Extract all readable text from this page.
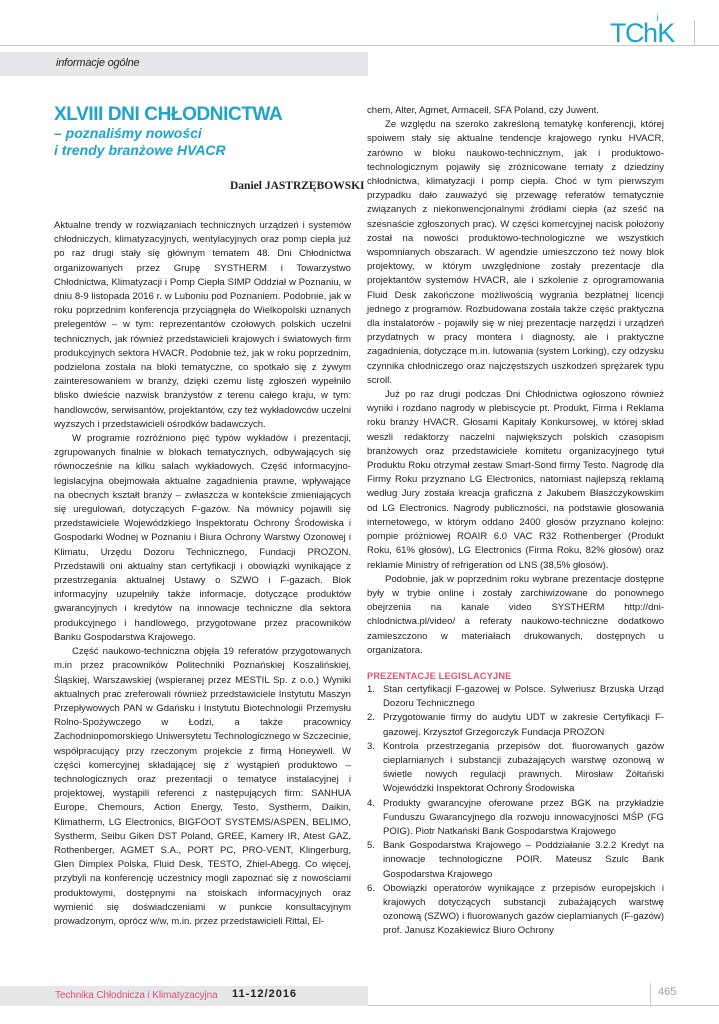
TCh$^i$K
informacje ogólne
XLVIII DNI CHŁODNICTWA
– poznaliśmy nowości
i trendy branżowe HVACR
Daniel JASTRZĘBOWSKI

Aktualne trendy w rozwiązaniach technicznych urządzeń i systemów chłodniczych, klimatyzacyjnych, wentylacyjnych oraz pomp ciepła już po raz drugi stały się głównym tematem 48. Dni Chłodnictwa organizowanych przez Grupę SYSTHERM i Towarzystwo Chłodnictwa, Klimatyzacji i Pomp Ciepła SIMP Oddział w Poznaniu, w dniu 8-9 listopada 2016 r. w Luboniu pod Poznaniem. Podobnie, jak w roku poprzednim konferencja przyciągnęła do Wielkopolski uznanych prelegentów – w tym: reprezentantów czołowych polskich uczelni technicznych, jak również przedstawicieli krajowych i światowych firm produkcyjnych sektora HVACR. Podobnie też, jak w roku poprzednim, podzielona została na bloki tematyczne, co spotkało się z żywym zainteresowaniem w branży, dzięki czemu listę zgłoszeń wypełniło blisko dwieście nazwisk branżystów z terenu całego kraju, w tym: handlowców, serwisantów, projektantów, czy też wykładowców uczelni wyższych i przedstawicieli ośrodków badawczych.

W programie rozróżniono pięć typów wykładów i prezentacji, zgrupowanych finalnie w blokach tematycznych, odbywających się równocześnie na kilku salach wykładowych. Część informacyjno-legislacyjna obejmowała aktualne zagadnienia prawne, wpływające na obecnych kształt branży – zwłaszcza w kontekście zmieniających się uregulowań, dotyczących F-gazów. Na mównicy pojawili się przedstawiciele Wojewódzkiego Inspektoratu Ochrony Środowiska i Gospodarki Wodnej w Poznaniu i Biura Ochrony Warstwy Ozonowej i Klimatu, Urzędu Dozoru Technicznego, Fundacji PROZON. Przedstawili oni aktualny stan certyfikacji i obowiązki wynikające z przestrzegania aktualnej Ustawy o SZWO i F-gazach. Blok informacyjny uzupełniły także informacje, dotyczące produktów gwarancyjnych i kredytów na innowacje techniczne dla sektora produkcyjnego i handlowego, przygotowane przez pracowników Banku Gospodarstwa Krajowego.

Część naukowo-techniczna objęła 19 referatów przygotowanych m.in przez pracowników Politechniki Poznańskiej Koszalińskiej, Śląskiej, Warszawskiej (wspieranej przez MESTIL Sp. z o.o.) Wyniki aktualnych prac zreferowali również przedstawiciele Instytutu Maszyn Przepływowych PAN w Gdańsku i Instytutu Biotechnologii Przemysłu Rolno-Spożywczego w Łodzi, a także pracownicy Zachodniopomorskiego Uniwersytetu Technologicznego w Szczecinie, współpracujący przy rzeczonym projekcie z firmą Honeywell. W części komercyjnej składającej się z wystąpień produktowo – technologicznych oraz prezentacji o tematyce instalacyjnej i projektowej, wystąpili referenci z następujących firm: SANHUA Europe, Chemours, Action Energy, Testo, Systherm, Daikin, Klimatherm, LG Electronics, BIGFOOT SYSTEMS/ASPEN, BELIMO, Systherm, Seibu Giken DST Poland, GREE, Kamery IR, Atest GAZ, Rothenberger, AGMET S.A., PORT PC, PRO-VENT, Klingerburg, Glen Dimplex Polska, Fluid Desk, TESTO, Zhiel-Abegg. Co więcej, przybyli na konferencję uczestnicy mogli zapoznać się z nowościami produktowymi, dostępnymi na stoiskach informacyjnych oraz wymienić się doświadczeniami w punkcie konsultacyjnym prowadzonym, oprócz w/w, m.in. przez przedstawicieli Rittal, El-

chem, Alter, Agmet, Armacell, SFA Poland, czy Juwent.

Ze względu na szeroko zakreśloną tematykę konferencji, której spoiwem stały się aktualne tendencje krajowego rynku HVACR, zarówno w bloku naukowo-technicznym, jak i produktowo-technologicznym pojawiły się zróżnicowane tematy z dziedziny chłodnictwa, klimatyzacji i pomp ciepła. Choć w tym pierwszym przypadku dało zauważyć się przewagę referatów tematycznie związanych z niekonwencjonalnymi źródłami ciepła (aż sześć na szesnaście zgłoszonych prac). W części komercyjnej nacisk położony został na nowości produktowo-technologiczne we wszystkich wspomnianych obszarach. W agendzie umieszczono też nowy blok projektowy, w którym uwzględnione zostały prezentacje dla projektantów systemów HVACR, ale i szkolenie z oprogramowania Fluid Desk zakończone możliwością wygrania bezpłatnej licencji jednego z programów. Rozbudowana została także część praktyczna dla instalatorów - pojawiły się w niej prezentacje narzędzi i urządzeń przydatnych w pracy montera i diagnosty, ale i praktyczne zagadnienia, dotyczące m.in. lutowania (system Lorking), czy odzysku czynnika chłodniczego oraz najczęstszych uszkodzeń sprężarek typu scroll.

Już po raz drugi podczas Dni Chłodnictwa ogłoszono również wyniki i rozdano nagrody w plebiscycie pt. Produkt, Firma i Reklama roku branży HVACR. Głosami Kapitały Konkursowej, w której skład weszli redaktorzy naczelni największych polskich czasopism branżowych oraz przedstawiciele komitetu organizacyjnego tytuł Produktu Roku otrzymał zestaw Smart-Sond firmy Testo. Nagrodę dla Firmy Roku przyznano LG Electronics, natomiast najlepszą reklamą według Jury została kreacja graficzna z Jakubem Błaszczykowskim od LG Electronics. Nagrody publiczności, na podstawie głosowania internetowego, w którym oddano 2400 głosów przyznano kolejno: pompie próżniowej ROAIR 6.0 VAC R32 Rothenberger (Produkt Roku, 61% głosów), LG Electronics (Firma Roku, 82% głosów) oraz reklamie Ministry of refrigeration od LNS (38,5% głosów).

Podobnie, jak w poprzednim roku wybrane prezentacje dostępne były w trybie online i zostały zarchiwizowane do ponownego obejrzenia na kanale video SYSTHERM http://dni-chlodnictwa.pl/video/ a referaty naukowo-techniczne dodatkowo zamieszczono w materiałach drukowanych, dostępnych u organizatora.

PREZENTACJE LEGISLACYJNE
1. Stan certyfikacji F-gazowej w Polsce. Sylweriusz Brzuska Urząd Dozoru Technicznego
2. Przygotowanie firmy do audytu UDT w zakresie Certyfikacji F-gazowej. Krzysztof Grzegorczyk Fundacja PROZON
3. Kontrola przestrzegania przepisów dot. fluorowanych gazów cieplarnianych i substancji zubażających warstwę ozonową w świetle nowych regulacji prawnych. Mirosław Żółtański Wojewódzki Inspektorat Ochrony Środowiska
4. Produkty gwarancyjne oferowane przez BGK na przykładzie Funduszu Gwarancyjnego dla rozwoju innowacyjności MŚP (FG POIG). Piotr Natkański Bank Gospodarstwa Krajowego
5. Bank Gospodarstwa Krajowego – Poddziałanie 3.2.2 Kredyt na innowacje technologiczne POIR. Mateusz Szulc Bank Gospodarstwa Krajowego
6. Obowiązki operatorów wynikające z przepisów europejskich i krajowych dotyczących substancji zubażających warstwę ozonową (SZWO) i fluorowanych gazów cieplarnianych (F-gazów) prof. Janusz Kozakiewicz Biuro Ochrony
Technika Chłodnicza i Klimatyzacyjna 11-12/2016	465
